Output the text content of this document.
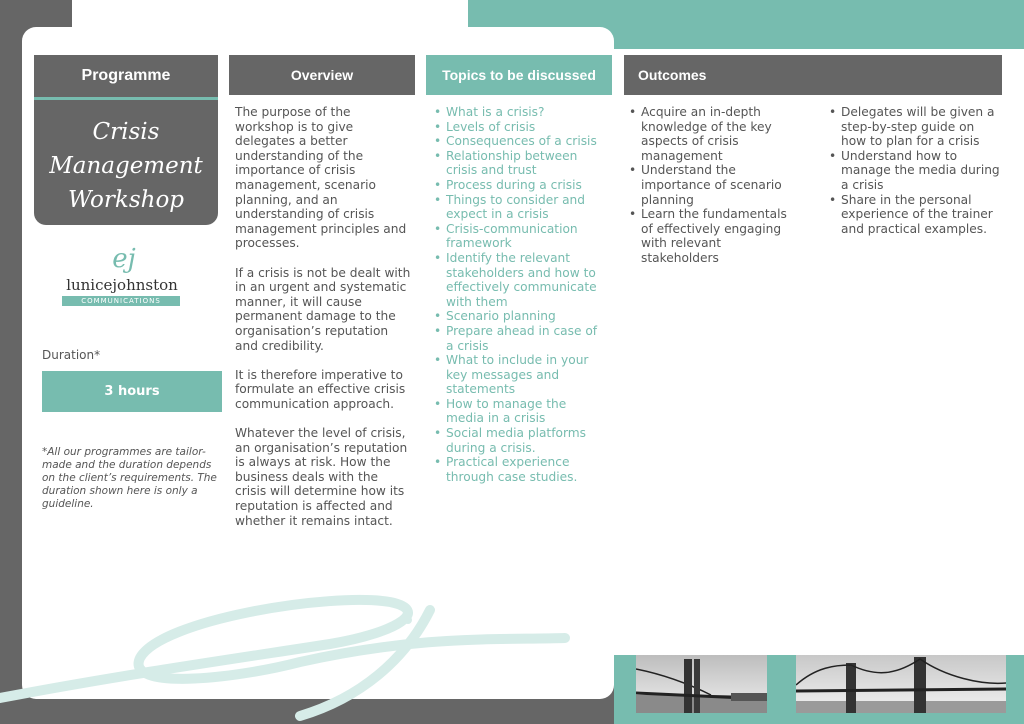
Programme
Crisis
Management
Workshop
ej
lunicejohnston
COMMUNICATIONS
Duration*
3 hours

*All our programmes are tailor-made and the duration depends on the client’s requirements. The duration shown here is only a guideline.

Overview

The purpose of the workshop is to give delegates a better understanding of the importance of crisis management, scenario planning, and an understanding of crisis management principles and processes.

If a crisis is not be dealt with in an urgent and systematic manner, it will cause permanent damage to the organisation’s reputation and credibility.

It is therefore imperative to formulate an effective crisis communication approach.

Whatever the level of crisis, an organisation’s reputation is always at risk. How the business deals with the crisis will determine how its reputation is affected and whether it remains intact.

Topics to be discussed
• What is a crisis?
• Levels of crisis
• Consequences of a crisis
• Relationship between crisis and trust
• Process during a crisis
• Things to consider and expect in a crisis
• Crisis-communication framework
• Identify the relevant stakeholders and how to effectively communicate with them
• Scenario planning
• Prepare ahead in case of a crisis
• What to include in your key messages and statements
• How to manage the media in a crisis
• Social media platforms during a crisis.
• Practical experience through case studies.
Outcomes
• Acquire an in-depth knowledge of the key aspects of crisis management
• Understand the importance of scenario planning
• Learn the fundamentals of effectively engaging with relevant stakeholders
• Delegates will be given a step-by-step guide on how to plan for a crisis
• Understand how to manage the media during a crisis
• Share in the personal experience of the trainer and practical examples.
